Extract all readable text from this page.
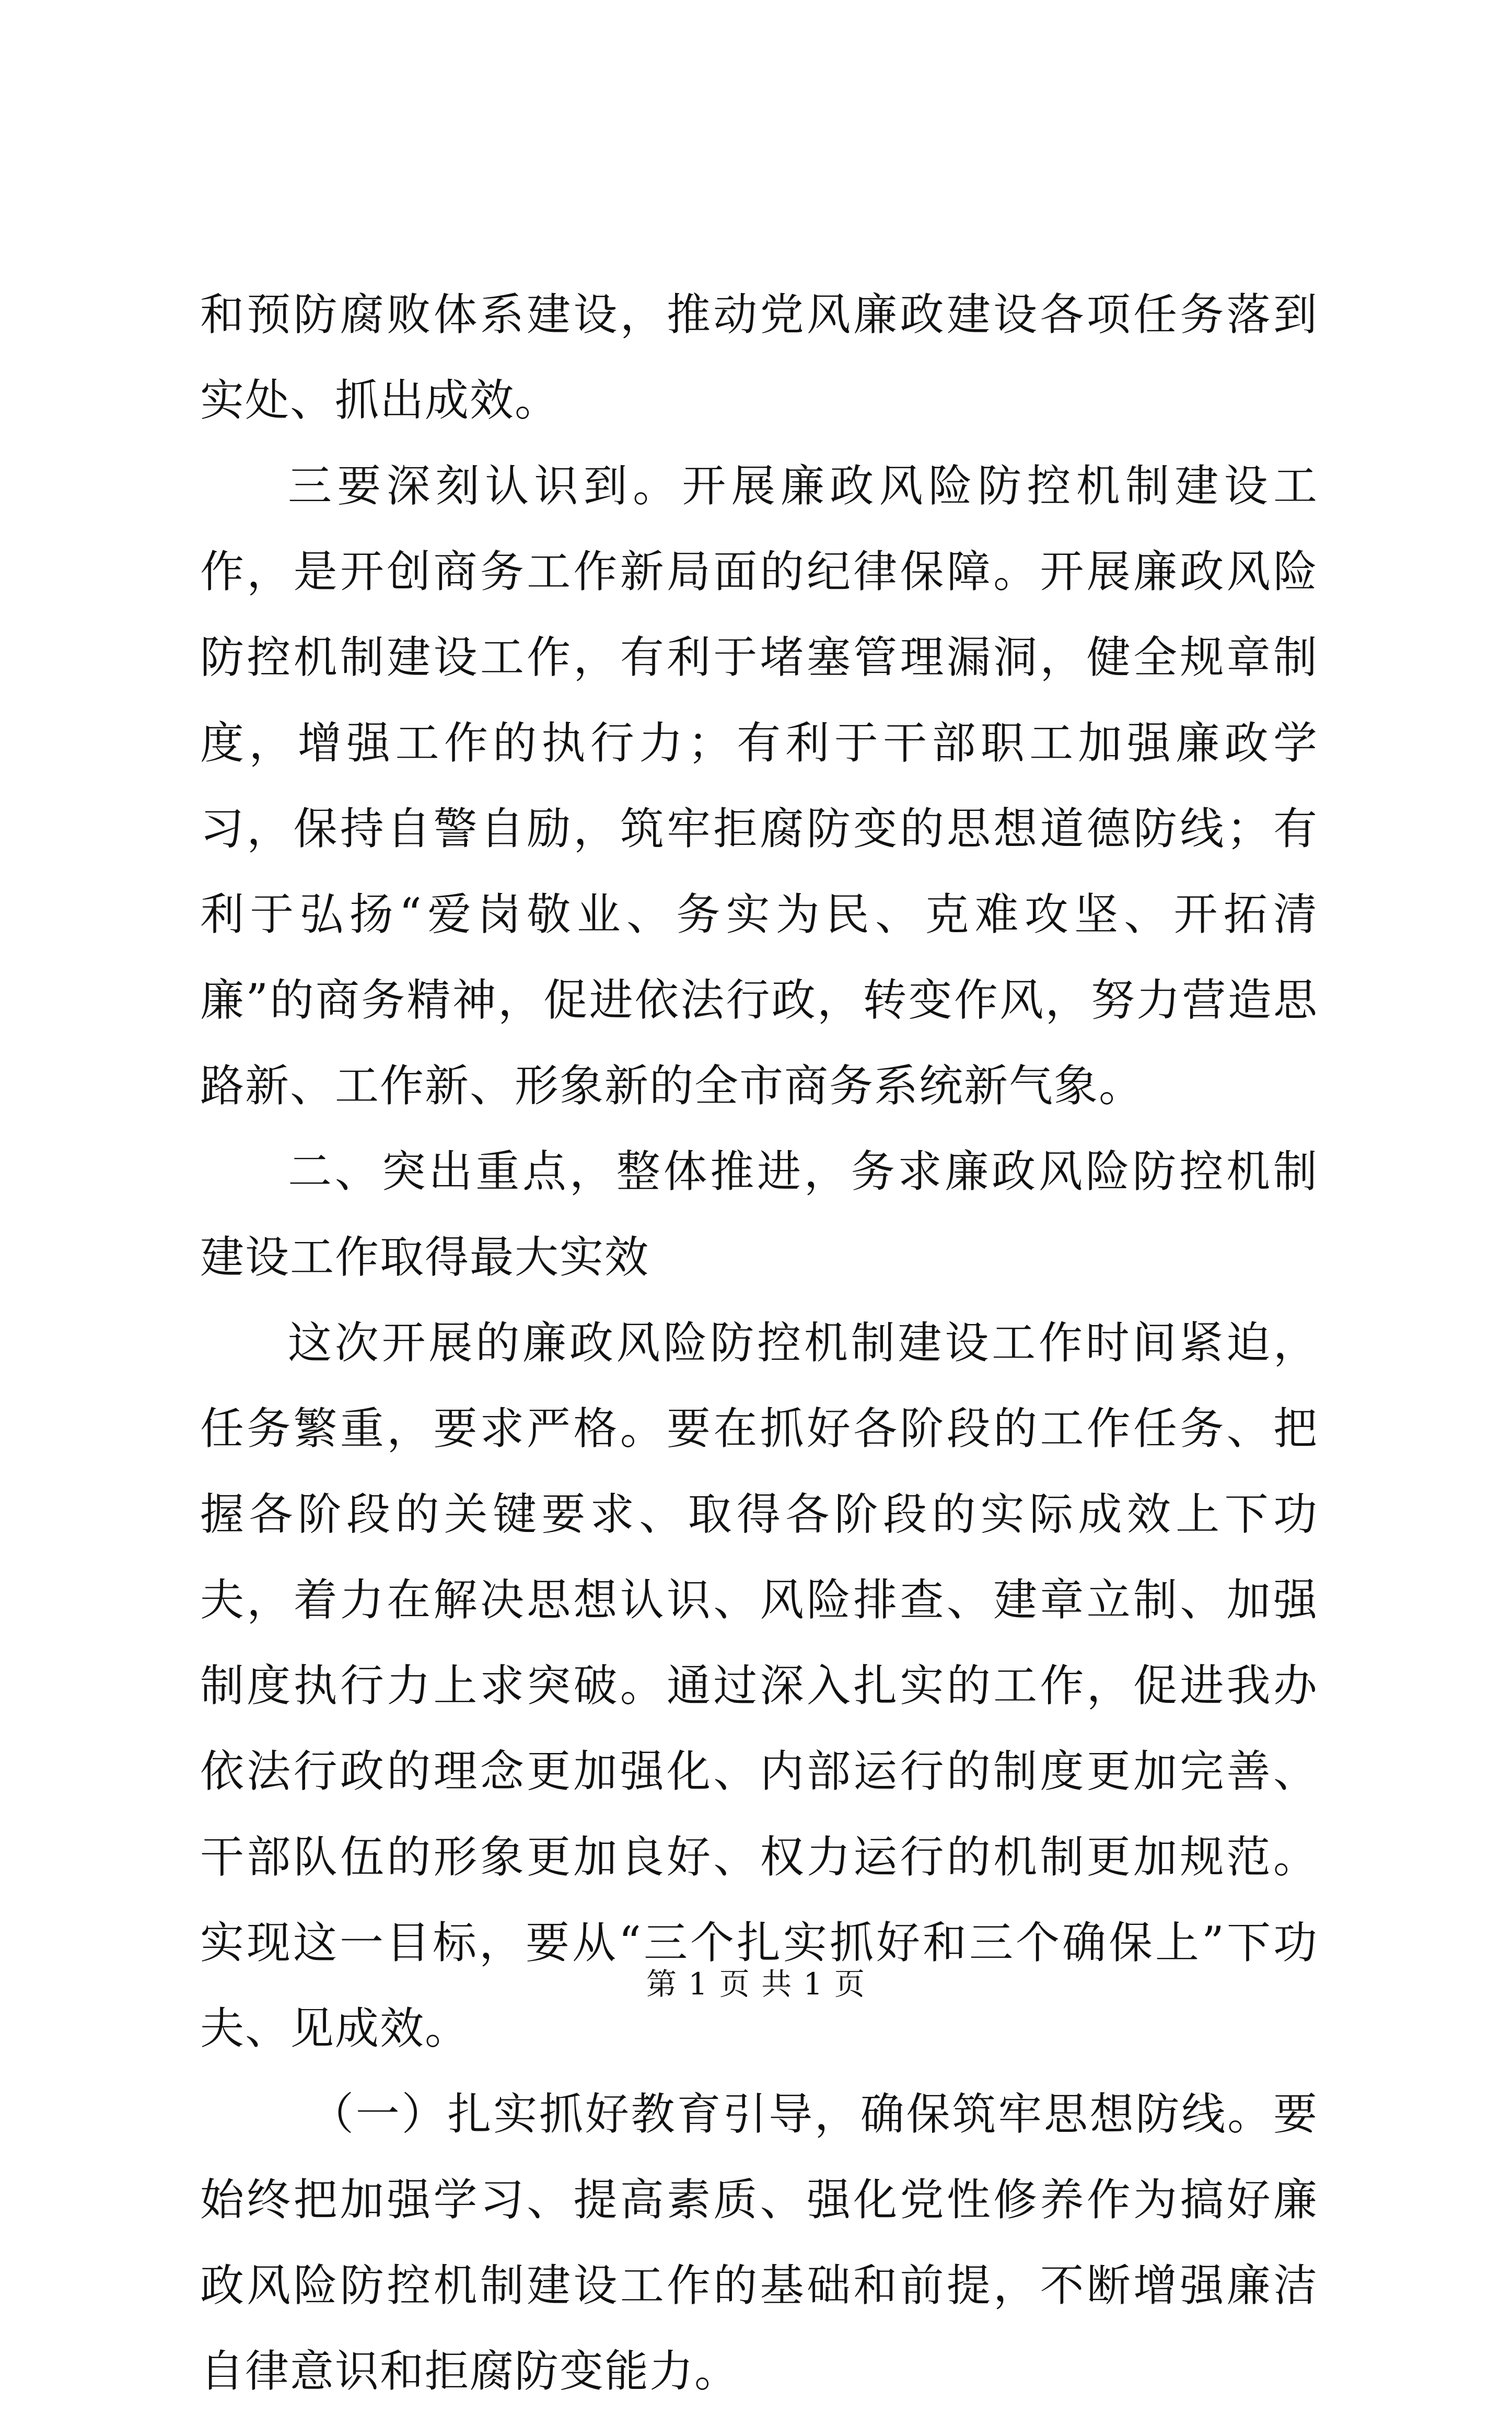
和预防腐败体系建设，推动党风廉政建设各项任务落到实处、抓出成效。

三要深刻认识到。开展廉政风险防控机制建设工作，是开创商务工作新局面的纪律保障。开展廉政风险防控机制建设工作，有利于堵塞管理漏洞，健全规章制度，增强工作的执行力；有利于干部职工加强廉政学习，保持自警自励，筑牢拒腐防变的思想道德防线；有利于弘扬“爱岗敬业、务实为民、克难攻坚、开拓清廉”的商务精神，促进依法行政，转变作风，努力营造思路新、工作新、形象新的全市商务系统新气象。

二、突出重点，整体推进，务求廉政风险防控机制建设工作取得最大实效

这次开展的廉政风险防控机制建设工作时间紧迫，任务繁重，要求严格。要在抓好各阶段的工作任务、把握各阶段的关键要求、取得各阶段的实际成效上下功夫，着力在解决思想认识、风险排查、建章立制、加强制度执行力上求突破。通过深入扎实的工作，促进我办依法行政的理念更加强化、内部运行的制度更加完善、干部队伍的形象更加良好、权力运行的机制更加规范。实现这一目标，要从“三个扎实抓好和三个确保上”下功夫、见成效。

（一）扎实抓好教育引导，确保筑牢思想防线。要始终把加强学习、提高素质、强化党性修养作为搞好廉政风险防控机制建设工作的基础和前提，不断增强廉洁自律意识和拒腐防变能力。

第 1 页 共 1 页
